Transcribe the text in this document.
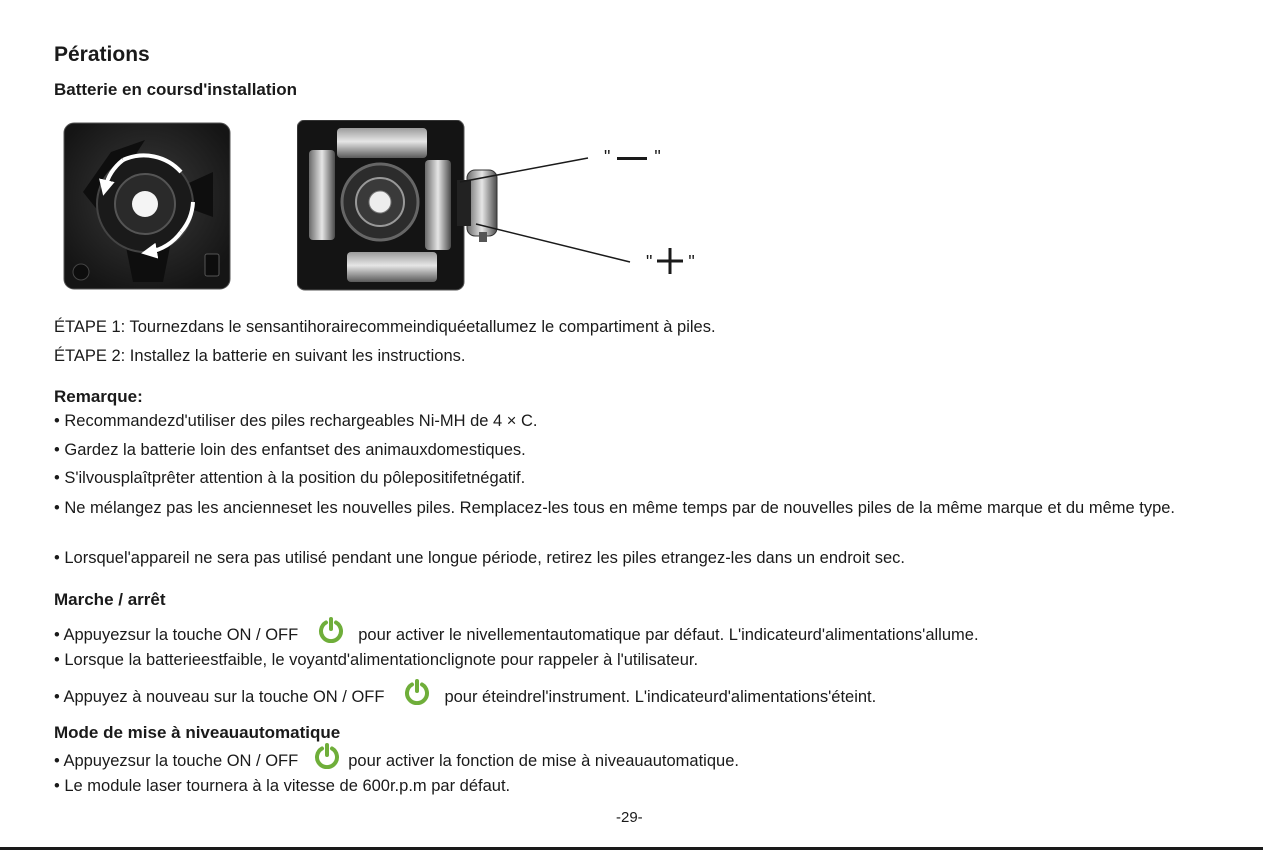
Pérations
Batterie en coursd'installation
"  "
"  "
ÉTAPE 1: Tournezdans le sensantihorairecommeindiquéetallumez le compartiment à piles.
ÉTAPE 2: Installez la batterie en suivant les instructions.
Remarque:
• Recommandezd'utiliser des piles rechargeables Ni-MH de 4 × C.
• Gardez la batterie loin des enfantset des animauxdomestiques.
• S'ilvousplaîtprêter attention à la position du pôlepositifetnégatif.
• Ne mélangez pas les ancienneset les nouvelles piles. Remplacez-les tous en même temps par de nouvelles piles de la même marque et du même type.
• Lorsquel'appareil ne sera pas utilisé pendant une longue période, retirez les piles etrangez-les dans un endroit sec.
Marche / arrêt
• Appuyezsur la touche ON / OFF	pour activer le nivellementautomatique par défaut. L'indicateurd'alimentations'allume.
• Lorsque la batterieestfaible, le voyantd'alimentationclignote pour rappeler à l'utilisateur.
• Appuyez à nouveau sur la touche ON / OFF	pour éteindrel'instrument. L'indicateurd'alimentations'éteint.
Mode de mise à niveauautomatique
• Appuyezsur la touche ON / OFF	pour activer la fonction de mise à niveauautomatique.
• Le module laser tournera à la vitesse de 600r.p.m par défaut.
-29-
